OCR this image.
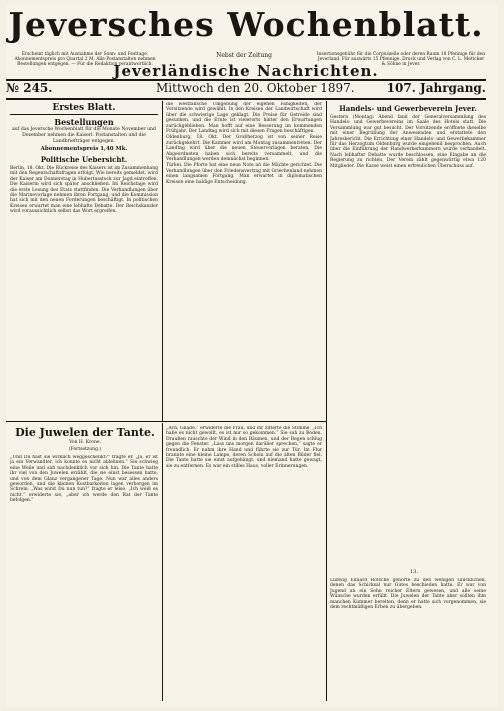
Jeversches Wochenblatt.
Erscheint täglich mit Ausnahme der Sonn- und Festtage. Abonnementspreis pro Quartal 2 M. Alle Postanstalten nehmen Bestellungen entgegen. — Für die Redaktion verantwortlich.
Nebst der Zeitung	Insertionsgebühr für die Corpuszeile oder deren Raum 10 Pfennige für den Jeverland. Für auswärts 15 Pfennige. Druck und Verlag von C. L. Mettcker & Söhne in Jever.
Jeverländische Nachrichten.
№ 245.	Mittwoch den 20. Oktober 1897.	107. Jahrgang.
Erstes Blatt.
Bestellungen
auf das Jeversche Wochenblatt für die Monate November und Dezember nehmen die Kaiserl. Postanstalten und die Landbriefträger entgegen.
Abonnementspreis 1,40 Mk.
Politische Uebersicht.

Berlin, 18. Okt. Die Rückreise des Kaisers ist im Zusammenhang mit den Regentschaftsfragen erfolgt. Wie bereits gemeldet, wird der Kaiser am Donnerstag in Hubertusstock zur Jagd eintreffen. Die Kaiserin wird sich später anschließen. Im Reichstage wird die erste Lesung des Etats stattfinden. Die Verhandlungen über die Marinevorlage nehmen ihren Fortgang, und die Kommission hat sich mit den neuen Forderungen beschäftigt. In politischen Kreisen erwartet man eine lebhafte Debatte. Der Reichskanzler wird voraussichtlich selbst das Wort ergreifen.

die westfälische Umgebung der eigenen Fähigkeiten, der Vorsitzende wird gewählt. In den Kreisen der Landwirtschaft wird über die schwierige Lage geklagt. Die Preise für Getreide sind gesunken, und die Ernte ist vielerorts hinter den Erwartungen zurückgeblieben. Man hofft auf eine Besserung im kommenden Frühjahr. Der Landtag wird sich mit diesen Fragen beschäftigen.

Oldenburg, 18. Okt. Der Großherzog ist von seiner Reise zurückgekehrt. Die Kammer wird am Montag zusammentreten. Der Landtag wird über die neuen Steuervorlagen beraten. Die Abgeordneten haben sich bereits versammelt, und die Verhandlungen werden demnächst beginnen.

Türkei. Die Pforte hat eine neue Note an die Mächte gerichtet. Die Verhandlungen über den Friedensvertrag mit Griechenland nehmen einen langsamen Fortgang. Man erwartet in diplomatischen Kreisen eine baldige Entscheidung.

Die Juwelen der Tante.
Von H. Krone.
(Fortsetzung.)

„Und Du hast sie wirklich weggeschenkt?“ fragte er. „Ja, er ist ja ein Verwandter, ich konnte es nicht ablehnen.“ Sie schwieg eine Weile und sah nachdenklich vor sich hin. Die Tante hatte ihr viel von den Juwelen erzählt, die sie einst besessen hatte, und von dem Glanz vergangener Tage. Nun war alles anders geworden, und die kleinen Kostbarkeiten lagen verborgen im Schrein. „Was wirst Du nun tun?“ fragte er leise. „Ich weiß es nicht,“ erwiderte sie, „aber ich werde den Rat der Tante befolgen.“

„Ach, Gnade,“ erwiderte die Frau, und ihr zitterte die Stimme. „Ich habe es nicht gewollt, es ist mir so gekommen.“ Sie sah zu Boden. Draußen rauschte der Wind in den Bäumen, und der Regen schlug gegen die Fenster. „Lass uns morgen darüber sprechen,“ sagte er freundlich. Er nahm ihre Hand und führte sie zur Tür. Im Flur brannte eine kleine Lampe, deren Schein auf die alten Bilder fiel. Die Tante hatte sie einst aufgehängt, und niemand hatte gewagt, sie zu entfernen. Es war ein stilles Haus, voller Erinnerungen.

Handels- und Gewerbeverein Jever.

Gestern (Montag) Abend fand der Generalversammlung des Handels- und Gewerbevereins im Saale des Hotels statt. Die Versammlung war gut besucht. Der Vorsitzende eröffnete dieselbe mit einer Begrüßung der Anwesenden und erstattete den Jahresbericht. Die Errichtung einer Handels- und Gewerbekammer für das Herzogtum Oldenburg wurde eingehend besprochen. Auch über die Einführung der Handwerkerkammern wurde verhandelt. Nach lebhafter Debatte wurde beschlossen, eine Eingabe an die Regierung zu richten. Der Verein zählt gegenwärtig etwa 120 Mitglieder. Die Kasse weist einen erfreulichen Überschuss auf.

13.

Ludwig Eduard Rotsche gehörte zu den wenigen Glücklichen, denen das Schicksal nur Gutes beschieden hatte. Er war von Jugend an ein Sohn reicher Eltern gewesen, und alle seine Wünsche wurden erfüllt. Die Juwelen der Tante aber sollten ihm manchen Kummer bereiten, denn er hatte sich vorgenommen, sie dem rechtmäßigen Erben zu übergeben.
